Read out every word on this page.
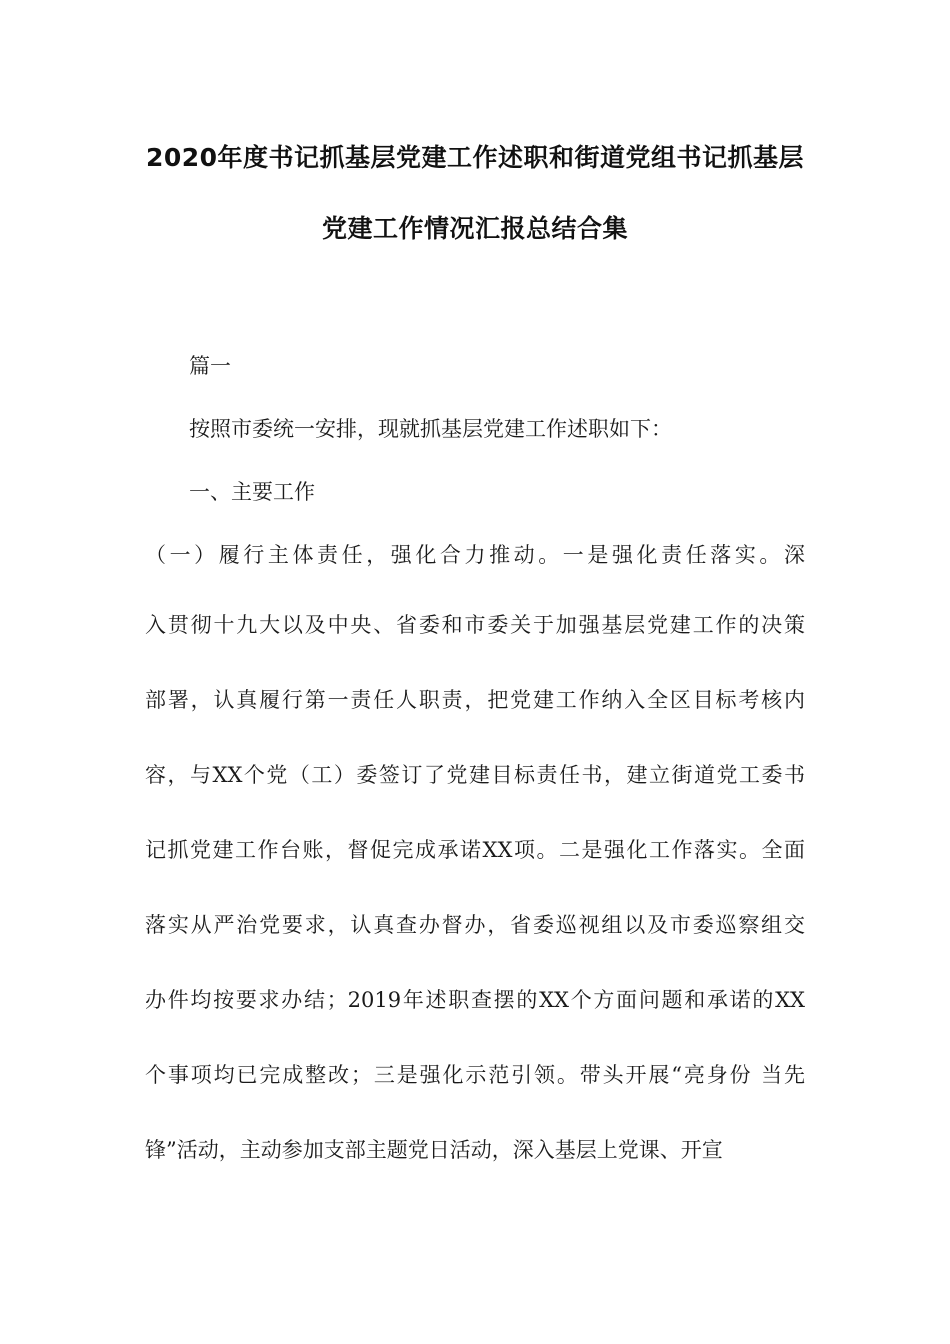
2020年度书记抓基层党建工作述职和街道党组书记抓基层
党建工作情况汇报总结合集
篇一
按照市委统一安排，现就抓基层党建工作述职如下：
一、主要工作
（一）履行主体责任，强化合力推动。一是强化责任落实。深
入贯彻十九大以及中央、省委和市委关于加强基层党建工作的决策
部署，认真履行第一责任人职责，把党建工作纳入全区目标考核内
容，与XX个党（工）委签订了党建目标责任书，建立街道党工委书
记抓党建工作台账，督促完成承诺XX项。二是强化工作落实。全面
落实从严治党要求，认真查办督办，省委巡视组以及市委巡察组交
办件均按要求办结；2019年述职查摆的XX个方面问题和承诺的XX
个事项均已完成整改；三是强化示范引领。带头开展“亮身份 当先
锋”活动，主动参加支部主题党日活动，深入基层上党课、开宣
